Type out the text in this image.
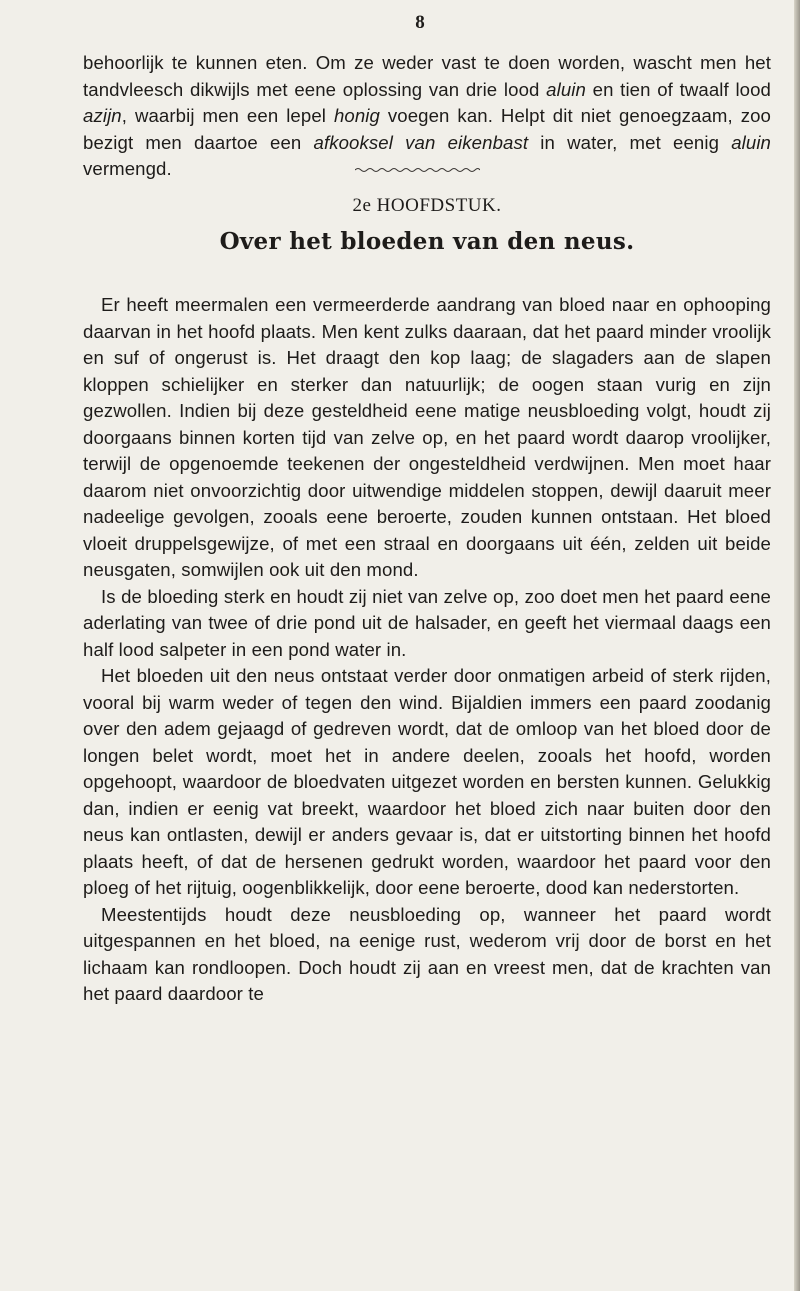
8

behoorlijk te kunnen eten. Om ze weder vast te doen worden, wascht men het tandvleesch dikwijls met eene oplossing van drie lood aluin en tien of twaalf lood azijn, waarbij men een lepel honig voegen kan. Helpt dit niet genoegzaam, zoo bezigt men daartoe een afkooksel van eikenbast in water, met eenig aluin vermengd.

2e HOOFDSTUK.
Over het bloeden van den neus.

Er heeft meermalen een vermeerderde aandrang van bloed naar en ophooping daarvan in het hoofd plaats. Men kent zulks daaraan, dat het paard minder vroolijk en suf of ongerust is. Het draagt den kop laag; de slagaders aan de slapen kloppen schielijker en sterker dan natuurlijk; de oogen staan vurig en zijn gezwollen. Indien bij deze gesteldheid eene matige neusbloeding volgt, houdt zij doorgaans binnen korten tijd van zelve op, en het paard wordt daarop vroolijker, terwijl de opgenoemde teekenen der ongesteldheid verdwijnen. Men moet haar daarom niet onvoorzichtig door uitwendige middelen stoppen, dewijl daaruit meer nadeelige gevolgen, zooals eene beroerte, zouden kunnen ontstaan. Het bloed vloeit druppelsgewijze, of met een straal en doorgaans uit één, zelden uit beide neusgaten, somwijlen ook uit den mond.

Is de bloeding sterk en houdt zij niet van zelve op, zoo doet men het paard eene aderlating van twee of drie pond uit de halsader, en geeft het viermaal daags een half lood salpeter in een pond water in.

Het bloeden uit den neus ontstaat verder door onmatigen arbeid of sterk rijden, vooral bij warm weder of tegen den wind. Bijaldien immers een paard zoodanig over den adem gejaagd of gedreven wordt, dat de omloop van het bloed door de longen belet wordt, moet het in andere deelen, zooals het hoofd, worden opgehoopt, waardoor de bloedvaten uitgezet worden en bersten kunnen. Gelukkig dan, indien er eenig vat breekt, waardoor het bloed zich naar buiten door den neus kan ontlasten, dewijl er anders gevaar is, dat er uitstorting binnen het hoofd plaats heeft, of dat de hersenen gedrukt worden, waardoor het paard voor den ploeg of het rijtuig, oogenblikkelijk, door eene beroerte, dood kan nederstorten.

Meestentijds houdt deze neusbloeding op, wanneer het paard wordt uitgespannen en het bloed, na eenige rust, wederom vrij door de borst en het lichaam kan rondloopen. Doch houdt zij aan en vreest men, dat de krachten van het paard daardoor te
